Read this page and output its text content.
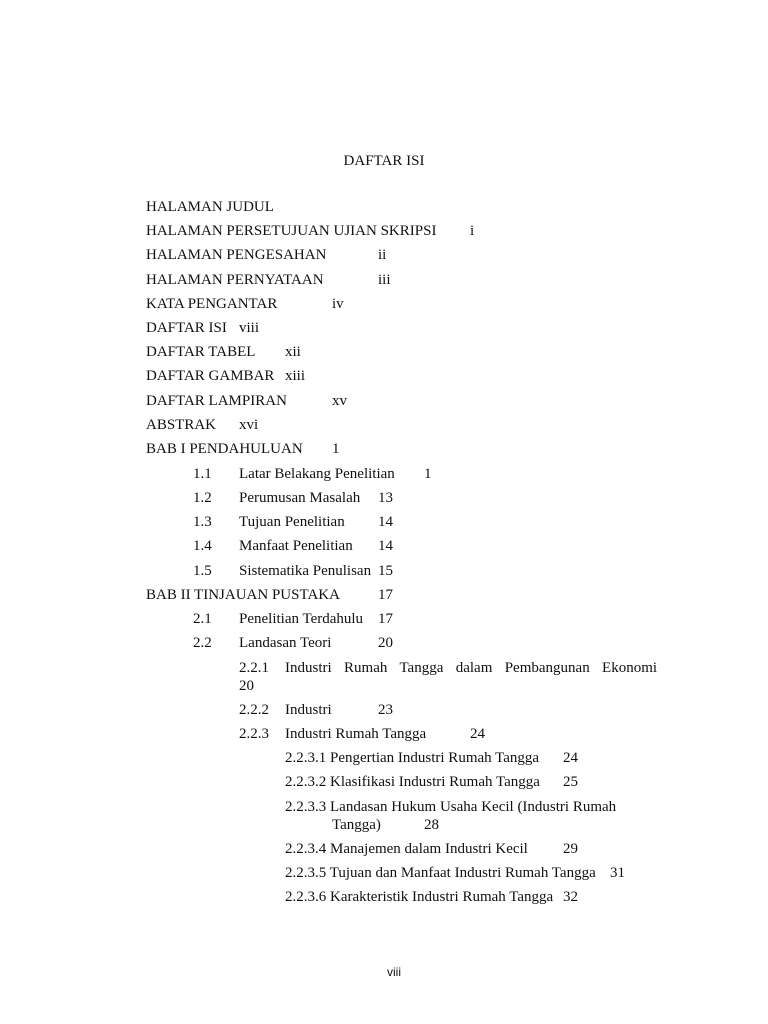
DAFTAR ISI
HALAMAN JUDUL
HALAMAN PERSETUJUAN UJIAN SKRIPSI i
HALAMAN PENGESAHAN	ii
HALAMAN PERNYATAAN	iii
KATA PENGANTAR	iv
DAFTAR ISI viii
DAFTAR TABEL xii
DAFTAR GAMBAR xiii
DAFTAR LAMPIRAN	xv
ABSTRAK xvi
BAB I PENDAHULUAN 1
1.1 Latar Belakang Penelitian 1
1.2 Perumusan Masalah 13
1.3 Tujuan Penelitian 14
1.4 Manfaat Penelitian 14
1.5 Sistematika Penulisan 15
BAB II TINJAUAN PUSTAKA	17
2.1 Penelitian Terdahulu 17
2.2 Landasan Teori	20
2.2.1 Industri Rumah Tangga dalam Pembangunan Ekonomi
20
2.2.2 Industri	23
2.2.3 Industri Rumah Tangga	24
2.2.3.1 Pengertian Industri Rumah Tangga 24
2.2.3.2 Klasifikasi Industri Rumah Tangga 25
2.2.3.3 Landasan Hukum Usaha Kecil (Industri Rumah
Tangga)	28
2.2.3.4 Manajemen dalam Industri Kecil 29
2.2.3.5 Tujuan dan Manfaat Industri Rumah Tangga 31
2.2.3.6 Karakteristik Industri Rumah Tangga 32
viii
